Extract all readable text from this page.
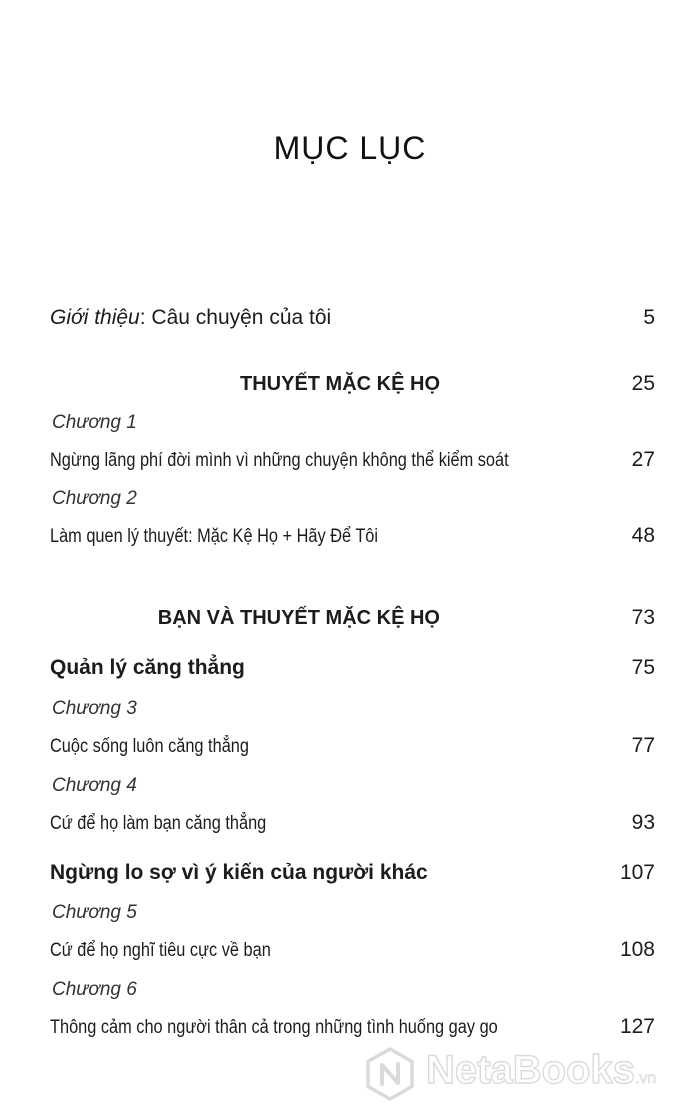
MỤC LỤC
Giới thiệu: Câu chuyện của tôi	5
THUYẾT MẶC KỆ HỌ	25
Chương 1
Ngừng lãng phí đời mình vì những chuyện không thể kiểm soát	27
Chương 2
Làm quen lý thuyết: Mặc Kệ Họ + Hãy Để Tôi	48
BẠN VÀ THUYẾT MẶC KỆ HỌ	73
Quản lý căng thẳng	75
Chương 3
Cuộc sống luôn căng thẳng	77
Chương 4
Cứ để họ làm bạn căng thẳng	93
Ngừng lo sợ vì ý kiến của người khác	107
Chương 5
Cứ để họ nghĩ tiêu cực về bạn	108
Chương 6
Thông cảm cho người thân cả trong những tình huống gay go	127
NetaBooks.vn
